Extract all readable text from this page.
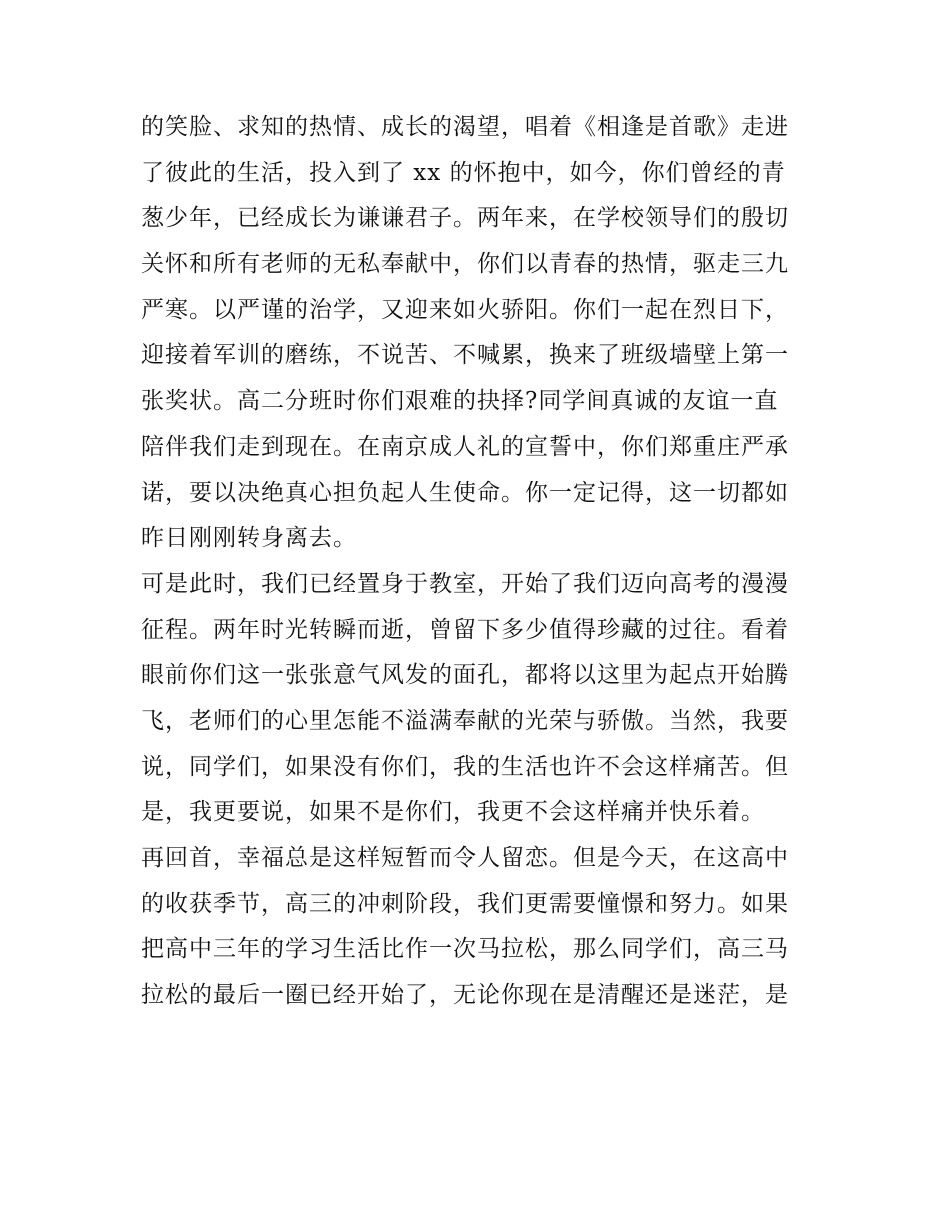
的笑脸、求知的热情、成长的渴望，唱着《相逢是首歌》走进
了彼此的生活，投入到了 xx 的怀抱中，如今，你们曾经的青
葱少年，已经成长为谦谦君子。两年来，在学校领导们的殷切
关怀和所有老师的无私奉献中，你们以青春的热情，驱走三九
严寒。以严谨的治学，又迎来如火骄阳。你们一起在烈日下，
迎接着军训的磨练，不说苦、不喊累，换来了班级墙壁上第一
张奖状。高二分班时你们艰难的抉择?同学间真诚的友谊一直
陪伴我们走到现在。在南京成人礼的宣誓中，你们郑重庄严承
诺，要以决绝真心担负起人生使命。你一定记得，这一切都如
昨日刚刚转身离去。
可是此时，我们已经置身于教室，开始了我们迈向高考的漫漫
征程。两年时光转瞬而逝，曾留下多少值得珍藏的过往。看着
眼前你们这一张张意气风发的面孔，都将以这里为起点开始腾
飞，老师们的心里怎能不溢满奉献的光荣与骄傲。当然，我要
说，同学们，如果没有你们，我的生活也许不会这样痛苦。但
是，我更要说，如果不是你们，我更不会这样痛并快乐着。
再回首，幸福总是这样短暂而令人留恋。但是今天，在这高中
的收获季节，高三的冲刺阶段，我们更需要憧憬和努力。如果
把高中三年的学习生活比作一次马拉松，那么同学们，高三马
拉松的最后一圈已经开始了，无论你现在是清醒还是迷茫，是
